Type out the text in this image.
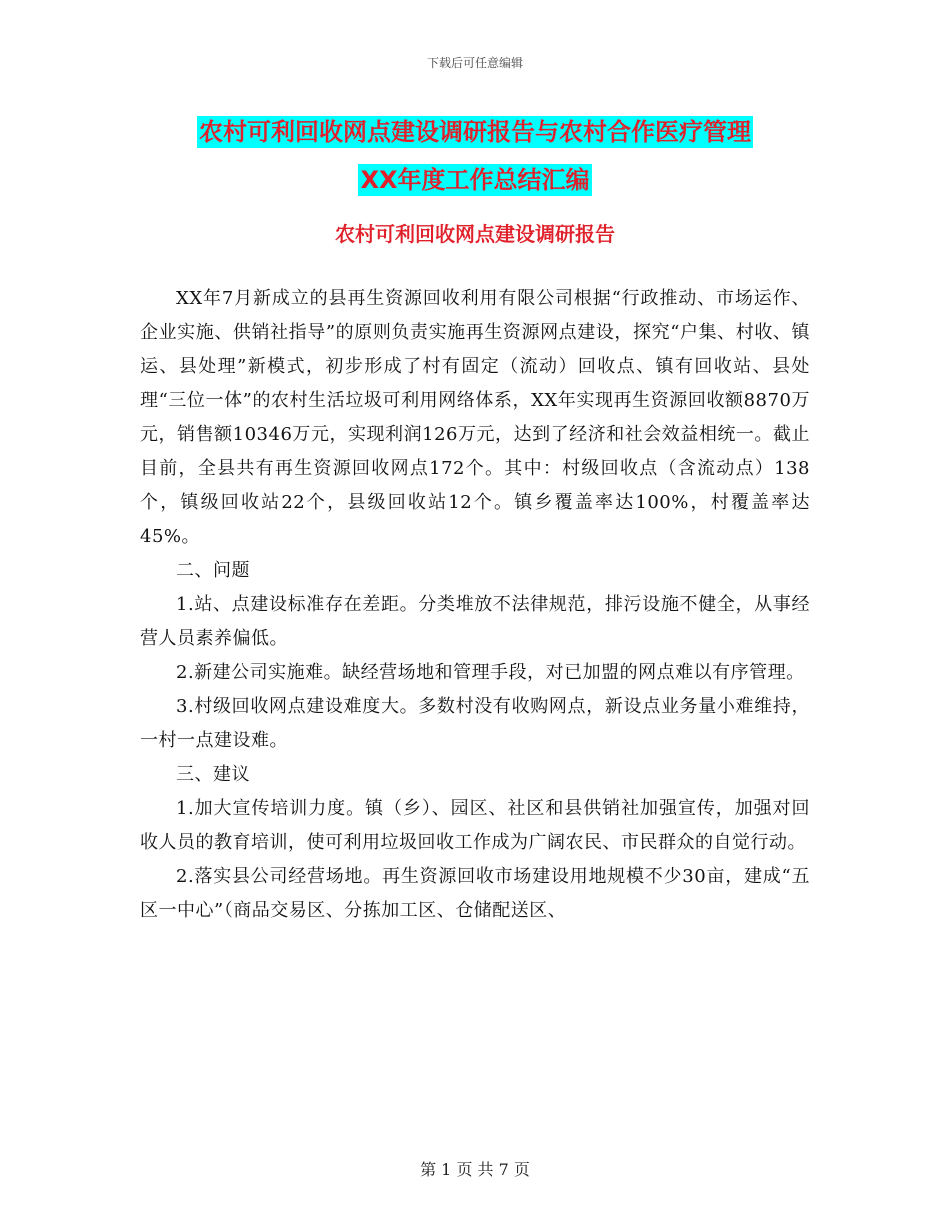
下载后可任意编辑
农村可利回收网点建设调研报告与农村合作医疗管理
XX年度工作总结汇编
农村可利回收网点建设调研报告

XX年7月新成立的县再生资源回收利用有限公司根据“行政推动、市场运作、企业实施、供销社指导”的原则负责实施再生资源网点建设，探究“户集、村收、镇运、县处理”新模式，初步形成了村有固定（流动）回收点、镇有回收站、县处理“三位一体”的农村生活垃圾可利用网络体系，XX年实现再生资源回收额8870万元，销售额10346万元，实现利润126万元，达到了经济和社会效益相统一。截止目前，全县共有再生资源回收网点172个。其中：村级回收点（含流动点）138个，镇级回收站22个，县级回收站12个。镇乡覆盖率达100%，村覆盖率达45%。

二、问题

1.站、点建设标准存在差距。分类堆放不法律规范，排污设施不健全，从事经营人员素养偏低。

2.新建公司实施难。缺经营场地和管理手段，对已加盟的网点难以有序管理。

3.村级回收网点建设难度大。多数村没有收购网点，新设点业务量小难维持，一村一点建设难。

三、建议

1.加大宣传培训力度。镇（乡）、园区、社区和县供销社加强宣传，加强对回收人员的教育培训，使可利用垃圾回收工作成为广阔农民、市民群众的自觉行动。

2.落实县公司经营场地。再生资源回收市场建设用地规模不少30亩，建成“五区一中心”（商品交易区、分拣加工区、仓储配送区、

第 1 页 共 7 页
